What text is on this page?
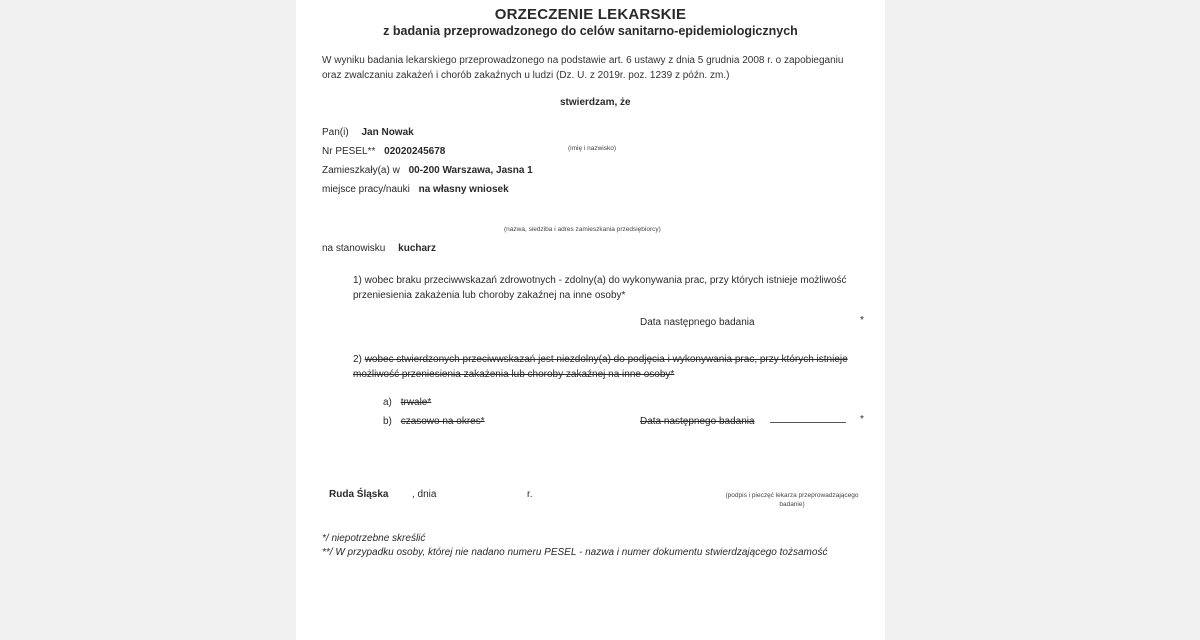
ORZECZENIE LEKARSKIE
z badania przeprowadzonego do celów sanitarno-epidemiologicznych
W wyniku badania lekarskiego przeprowadzonego na podstawie art. 6 ustawy z dnia 5 grudnia 2008 r. o zapobieganiu
oraz zwalczaniu zakażeń i chorób zakaźnych u ludzi (Dz. U. z 2019r. poz. 1239 z późn. zm.)
stwierdzam, że
Pan(i) Jan Nowak
Nr PESEL** 02020245678	(imię i nazwisko)
Zamieszkały(a) w 00-200 Warszawa, Jasna 1
miejsce pracy/nauki na własny wniosek
(nazwa, siedziba i adres zamieszkania przedsiębiorcy)
na stanowisku kucharz
1) wobec braku przeciwwskazań zdrowotnych - zdolny(a) do wykonywania prac, przy których istnieje możliwość
przeniesienia zakażenia lub choroby zakaźnej na inne osoby*
Data następnego badania	*
2) wobec stwierdzonych przeciwwskazań jest niezdolny(a) do podjęcia i wykonywania prac, przy których istnieje
możliwość przeniesienia zakażenia lub choroby zakaźnej na inne osoby*
a) trwale*
b) czasowo na okres*	Data następnego badania	*
Ruda Śląska , dnia	r.	(podpis i pieczęć lekarza przeprowadzającego
badanie)
*/ niepotrzebne skreślić
**/ W przypadku osoby, której nie nadano numeru PESEL - nazwa i numer dokumentu stwierdzającego tożsamość
